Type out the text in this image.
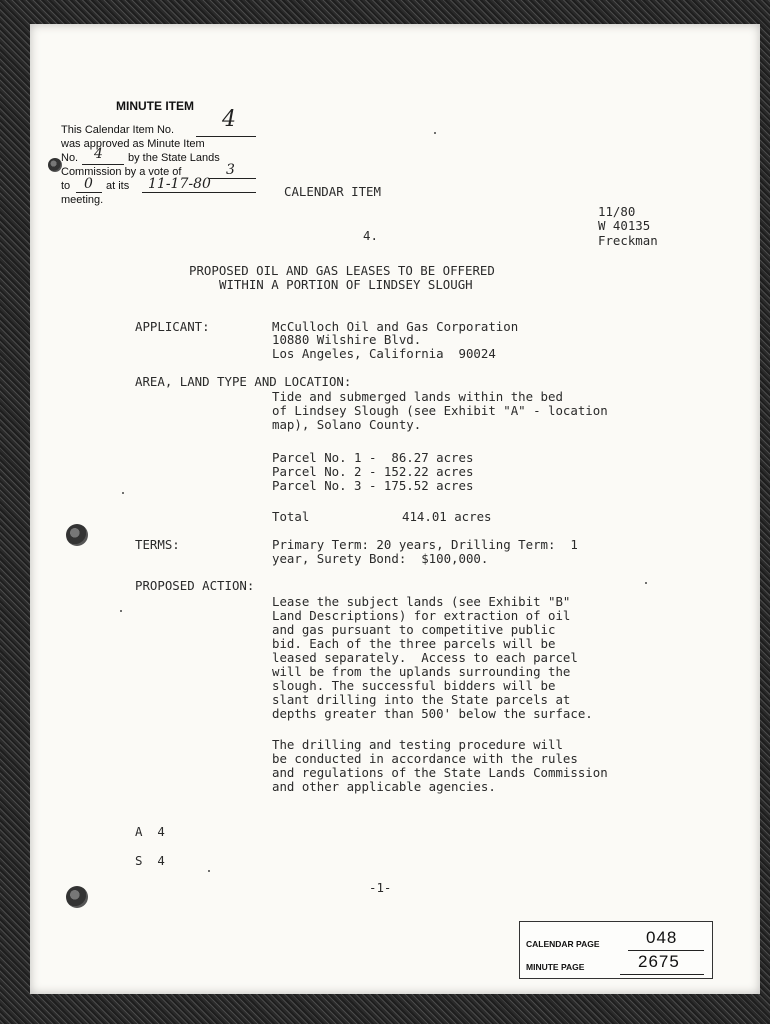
MINUTE ITEM
This Calendar Item No. 4
was approved as Minute Item
No. 4 by the State Lands
Commission by a vote of	3
to 0 at its 11-17-80
meeting.
CALENDAR ITEM
11/80
W 40135
4.	Freckman
PROPOSED OIL AND GAS LEASES TO BE OFFERED
WITHIN A PORTION OF LINDSEY SLOUGH
APPLICANT:	McCulloch Oil and Gas Corporation
10880 Wilshire Blvd.
Los Angeles, California  90024
AREA, LAND TYPE AND LOCATION:
Tide and submerged lands within the bed
of Lindsey Slough (see Exhibit "A" - location
map), Solano County.
Parcel No. 1 -  86.27 acres
Parcel No. 2 - 152.22 acres
Parcel No. 3 - 175.52 acres
Total	414.01 acres
TERMS:	Primary Term: 20 years, Drilling Term:  1
year, Surety Bond:  $100,000.
PROPOSED ACTION:
Lease the subject lands (see Exhibit "B"
Land Descriptions) for extraction of oil
and gas pursuant to competitive public
bid. Each of the three parcels will be
leased separately.  Access to each parcel
will be from the uplands surrounding the
slough. The successful bidders will be
slant drilling into the State parcels at
depths greater than 500' below the surface.
The drilling and testing procedure will
be conducted in accordance with the rules
and regulations of the State Lands Commission
and other applicable agencies.
A  4
S  4
-1-
CALENDAR PAGE	048
MINUTE PAGE	2675
